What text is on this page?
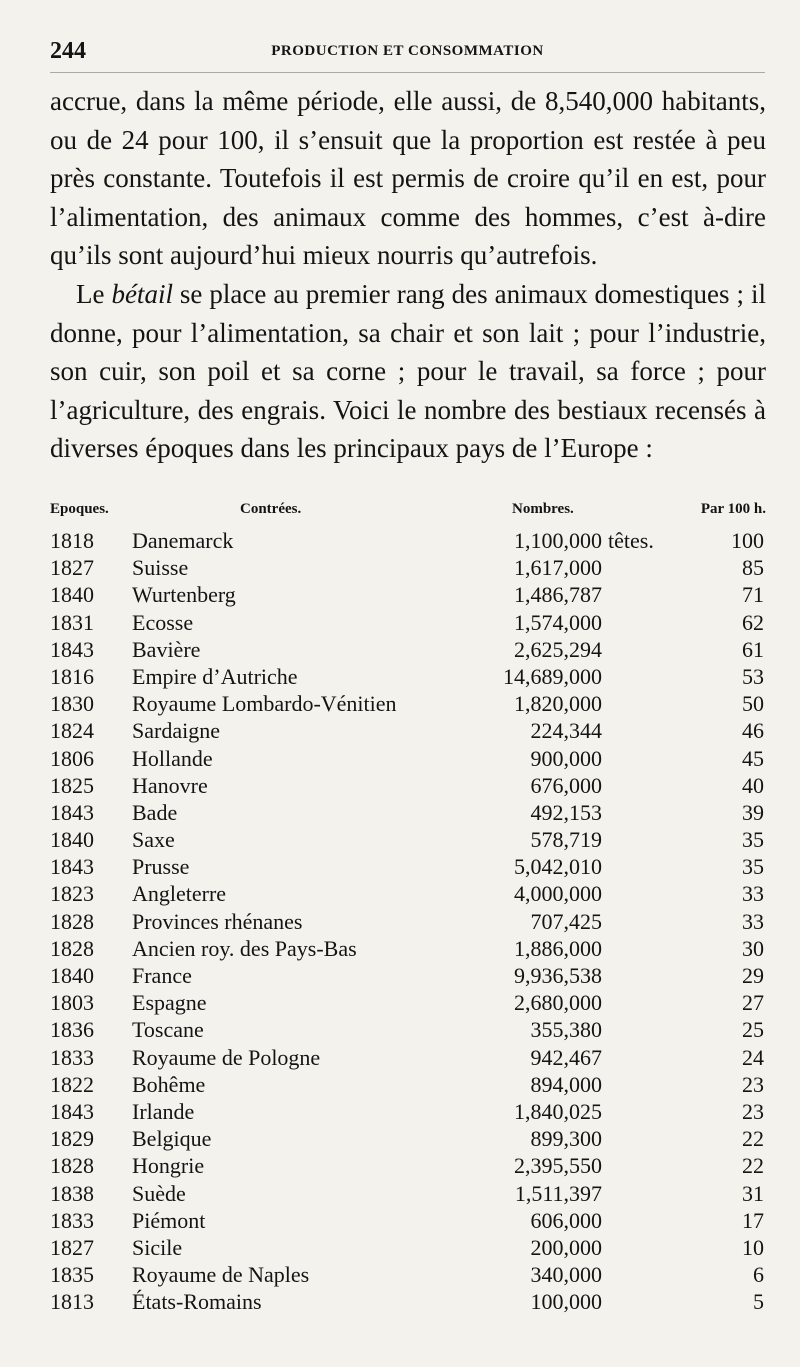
244	PRODUCTION ET CONSOMMATION

accrue, dans la même période, elle aussi, de 8,540,000 habitants, ou de 24 pour 100, il s’ensuit que la proportion est restée à peu près constante. Toutefois il est permis de croire qu’il en est, pour l’alimentation, des animaux comme des hommes, c’est à-dire qu’ils sont aujourd’hui mieux nourris qu’autrefois.

Le bétail se place au premier rang des animaux domestiques ; il donne, pour l’alimentation, sa chair et son lait ; pour l’industrie, son cuir, son poil et sa corne ; pour le travail, sa force ; pour l’agriculture, des engrais. Voici le nombre des bestiaux recensés à diverses époques dans les principaux pays de l’Europe :

Epoques.	Contrées.	Nombres.	Par 100 h.
1818	Danemarck	1,100,000 têtes.	100
1827	Suisse	1,617,000	85
1840	Wurtenberg	1,486,787	71
1831	Ecosse	1,574,000	62
1843	Bavière	2,625,294	61
1816	Empire d’Autriche	14,689,000	53
1830	Royaume Lombardo-Vénitien	1,820,000	50
1824	Sardaigne	224,344	46
1806	Hollande	900,000	45
1825	Hanovre	676,000	40
1843	Bade	492,153	39
1840	Saxe	578,719	35
1843	Prusse	5,042,010	35
1823	Angleterre	4,000,000	33
1828	Provinces rhénanes	707,425	33
1828	Ancien roy. des Pays-Bas	1,886,000	30
1840	France	9,936,538	29
1803	Espagne	2,680,000	27
1836	Toscane	355,380	25
1833	Royaume de Pologne	942,467	24
1822	Bohême	894,000	23
1843	Irlande	1,840,025	23
1829	Belgique	899,300	22
1828	Hongrie	2,395,550	22
1838	Suède	1,511,397	31
1833	Piémont	606,000	17
1827	Sicile	200,000	10
1835	Royaume de Naples	340,000	6
1813	États-Romains	100,000	5
